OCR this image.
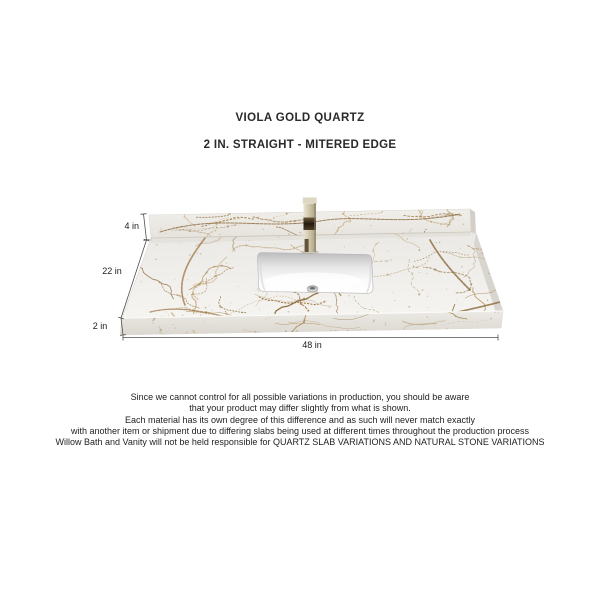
VIOLA GOLD QUARTZ
2 IN. STRAIGHT - MITERED EDGE
4 in
22 in
2 in
48 in
Since we cannot control for all possible variations in production, you should be aware
that your product may differ slightly from what is shown.
Each material has its own degree of this difference and as such will never match exactly
with another item or shipment due to differing slabs being used at different times throughout the production process
Willow Bath and Vanity will not be held responsible for QUARTZ SLAB VARIATIONS AND NATURAL STONE VARIATIONS
